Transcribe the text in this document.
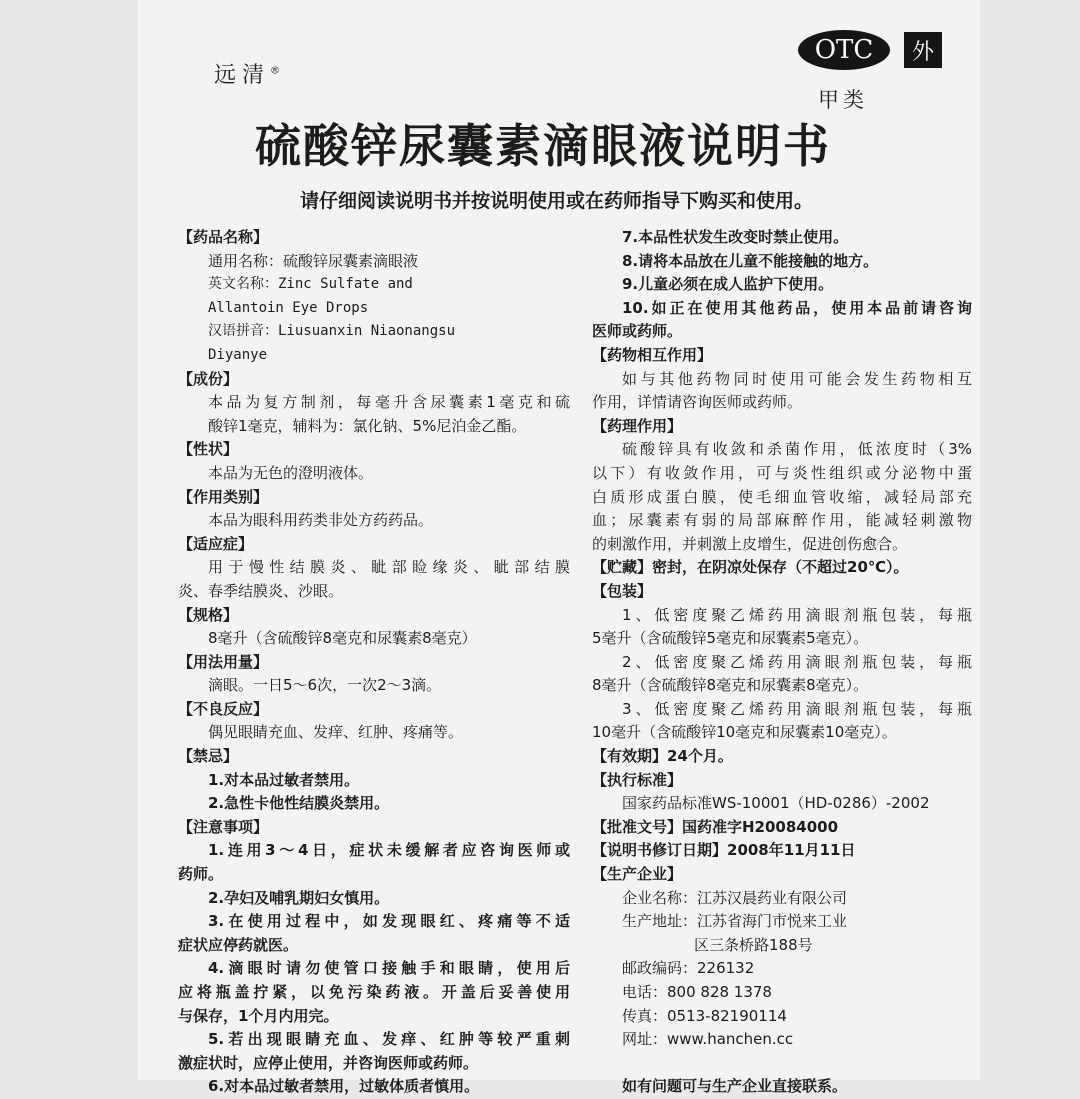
远清®
OTC	外
甲类
硫酸锌尿囊素滴眼液说明书
请仔细阅读说明书并按说明使用或在药师指导下购买和使用。
【药品名称】
通用名称：硫酸锌尿囊素滴眼液
英文名称：Zinc Sulfate and
Allantoin Eye Drops
汉语拼音：Liusuanxin Niaonangsu
Diyanye
【成份】
本品为复方制剂，每毫升含尿囊素1毫克和硫
酸锌1毫克，辅料为：氯化钠、5%尼泊金乙酯。
【性状】
本品为无色的澄明液体。
【作用类别】
本品为眼科用药类非处方药药品。
【适应症】
用于慢性结膜炎、眦部睑缘炎、眦部结膜
炎、春季结膜炎、沙眼。
【规格】
8毫升（含硫酸锌8毫克和尿囊素8毫克）
【用法用量】
滴眼。一日5～6次，一次2～3滴。
【不良反应】
偶见眼睛充血、发痒、红肿、疼痛等。
【禁忌】
1.对本品过敏者禁用。
2.急性卡他性结膜炎禁用。
【注意事项】
1.连用3～4日，症状未缓解者应咨询医师或
药师。
2.孕妇及哺乳期妇女慎用。
3.在使用过程中，如发现眼红、疼痛等不适
症状应停药就医。
4.滴眼时请勿使管口接触手和眼睛，使用后
应将瓶盖拧紧，以免污染药液。开盖后妥善使用
与保存，1个月内用完。
5.若出现眼睛充血、发痒、红肿等较严重刺
激症状时，应停止使用，并咨询医师或药师。
6.对本品过敏者禁用，过敏体质者慎用。
7.本品性状发生改变时禁止使用。
8.请将本品放在儿童不能接触的地方。
9.儿童必须在成人监护下使用。
10.如正在使用其他药品，使用本品前请咨询
医师或药师。
【药物相互作用】
如与其他药物同时使用可能会发生药物相互
作用，详情请咨询医师或药师。
【药理作用】
硫酸锌具有收敛和杀菌作用，低浓度时（3%
以下）有收敛作用，可与炎性组织或分泌物中蛋
白质形成蛋白膜，使毛细血管收缩，减轻局部充
血；尿囊素有弱的局部麻醉作用，能减轻刺激物
的刺激作用，并刺激上皮增生，促进创伤愈合。
【贮藏】密封，在阴凉处保存（不超过20℃）。
【包装】
1、低密度聚乙烯药用滴眼剂瓶包装，每瓶
5毫升（含硫酸锌5毫克和尿囊素5毫克）。
2、低密度聚乙烯药用滴眼剂瓶包装，每瓶
8毫升（含硫酸锌8毫克和尿囊素8毫克）。
3、低密度聚乙烯药用滴眼剂瓶包装，每瓶
10毫升（含硫酸锌10毫克和尿囊素10毫克）。
【有效期】24个月。
【执行标准】
国家药品标准WS-10001（HD-0286）-2002
【批准文号】国药准字H20084000
【说明书修订日期】2008年11月11日
【生产企业】
企业名称：江苏汉晨药业有限公司
生产地址：江苏省海门市悦来工业
区三条桥路188号
邮政编码：226132
电话：800 828 1378
传真：0513-82190114
网址：www.hanchen.cc
如有问题可与生产企业直接联系。
